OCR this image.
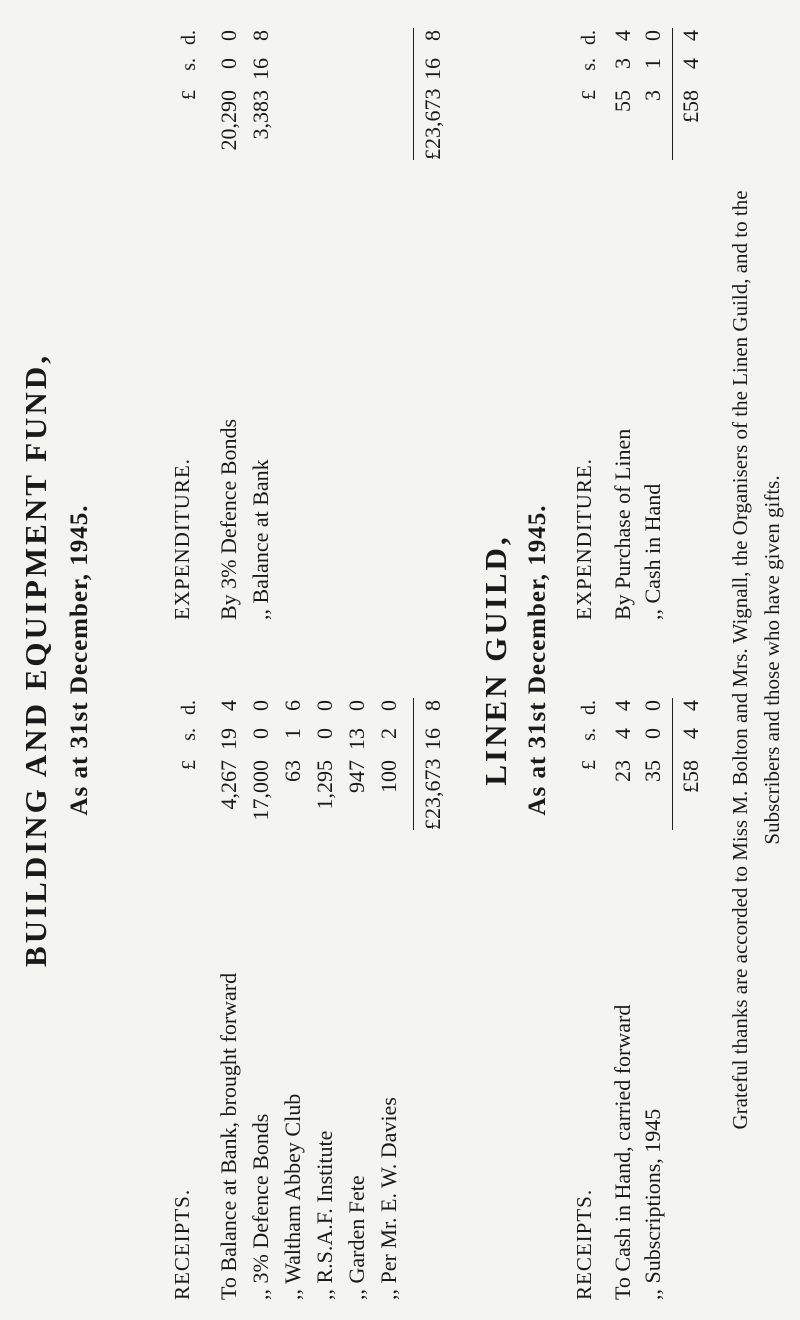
BUILDING AND EQUIPMENT FUND, As at 31st December, 1945.
RECEIPTS.
EXPENDITURE.
£
s.
d.
£
s.
d.
To Balance at Bank, brought forward
4,267
19
4
,, 3% Defence Bonds
17,000
0
0
,, Waltham Abbey Club
63
1
6
,, R.S.A.F. Institute
1,295
0
0
,, Garden Fete
947
13
0
,, Per Mr. E. W. Davies
100
2
0
£23,673
16
8
By 3% Defence Bonds
20,290
0
0
,, Balance at Bank
3,383
16
8
£23,673
16
8
LINEN GUILD, As at 31st December, 1945.
RECEIPTS.
EXPENDITURE.
£
s.
d.
£
s.
d.
To Cash in Hand, carried forward
23
4
4
,, Subscriptions, 1945
35
0
0
£58
4
4
By Purchase of Linen
55
3
4
,, Cash in Hand
3
1
0
£58
4
4
Grateful thanks are accorded to Miss M. Bolton and Mrs. Wignall, the Organisers of the Linen Guild, and to the Subscribers and those who have given gifts.
